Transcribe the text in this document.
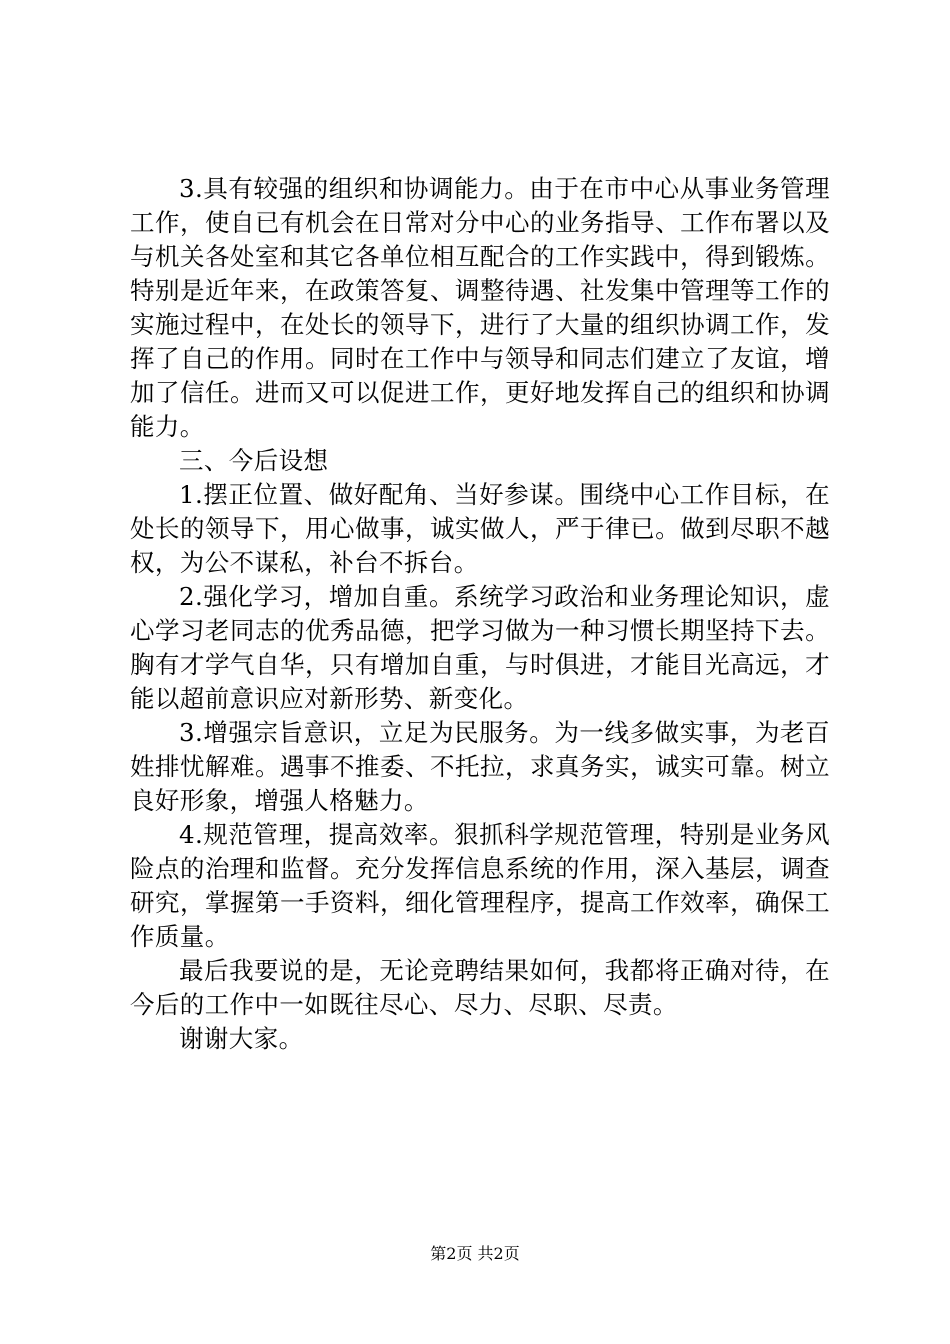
3.具有较强的组织和协调能力。由于在市中心从事业务管理工作，使自已有机会在日常对分中心的业务指导、工作布署以及与机关各处室和其它各单位相互配合的工作实践中，得到锻炼。特别是近年来，在政策答复、调整待遇、社发集中管理等工作的实施过程中，在处长的领导下，进行了大量的组织协调工作，发挥了自己的作用。同时在工作中与领导和同志们建立了友谊，增加了信任。进而又可以促进工作，更好地发挥自己的组织和协调能力。

三、今后设想

1.摆正位置、做好配角、当好参谋。围绕中心工作目标，在处长的领导下，用心做事，诚实做人，严于律已。做到尽职不越权，为公不谋私，补台不拆台。

2.强化学习，增加自重。系统学习政治和业务理论知识，虚心学习老同志的优秀品德，把学习做为一种习惯长期坚持下去。胸有才学气自华，只有增加自重，与时俱进，才能目光高远，才能以超前意识应对新形势、新变化。

3.增强宗旨意识，立足为民服务。为一线多做实事，为老百姓排忧解难。遇事不推委、不托拉，求真务实，诚实可靠。树立良好形象，增强人格魅力。

4.规范管理，提高效率。狠抓科学规范管理，特别是业务风险点的治理和监督。充分发挥信息系统的作用，深入基层，调查研究，掌握第一手资料，细化管理程序，提高工作效率，确保工作质量。

最后我要说的是，无论竞聘结果如何，我都将正确对待，在今后的工作中一如既往尽心、尽力、尽职、尽责。

谢谢大家。

第2页 共2页
